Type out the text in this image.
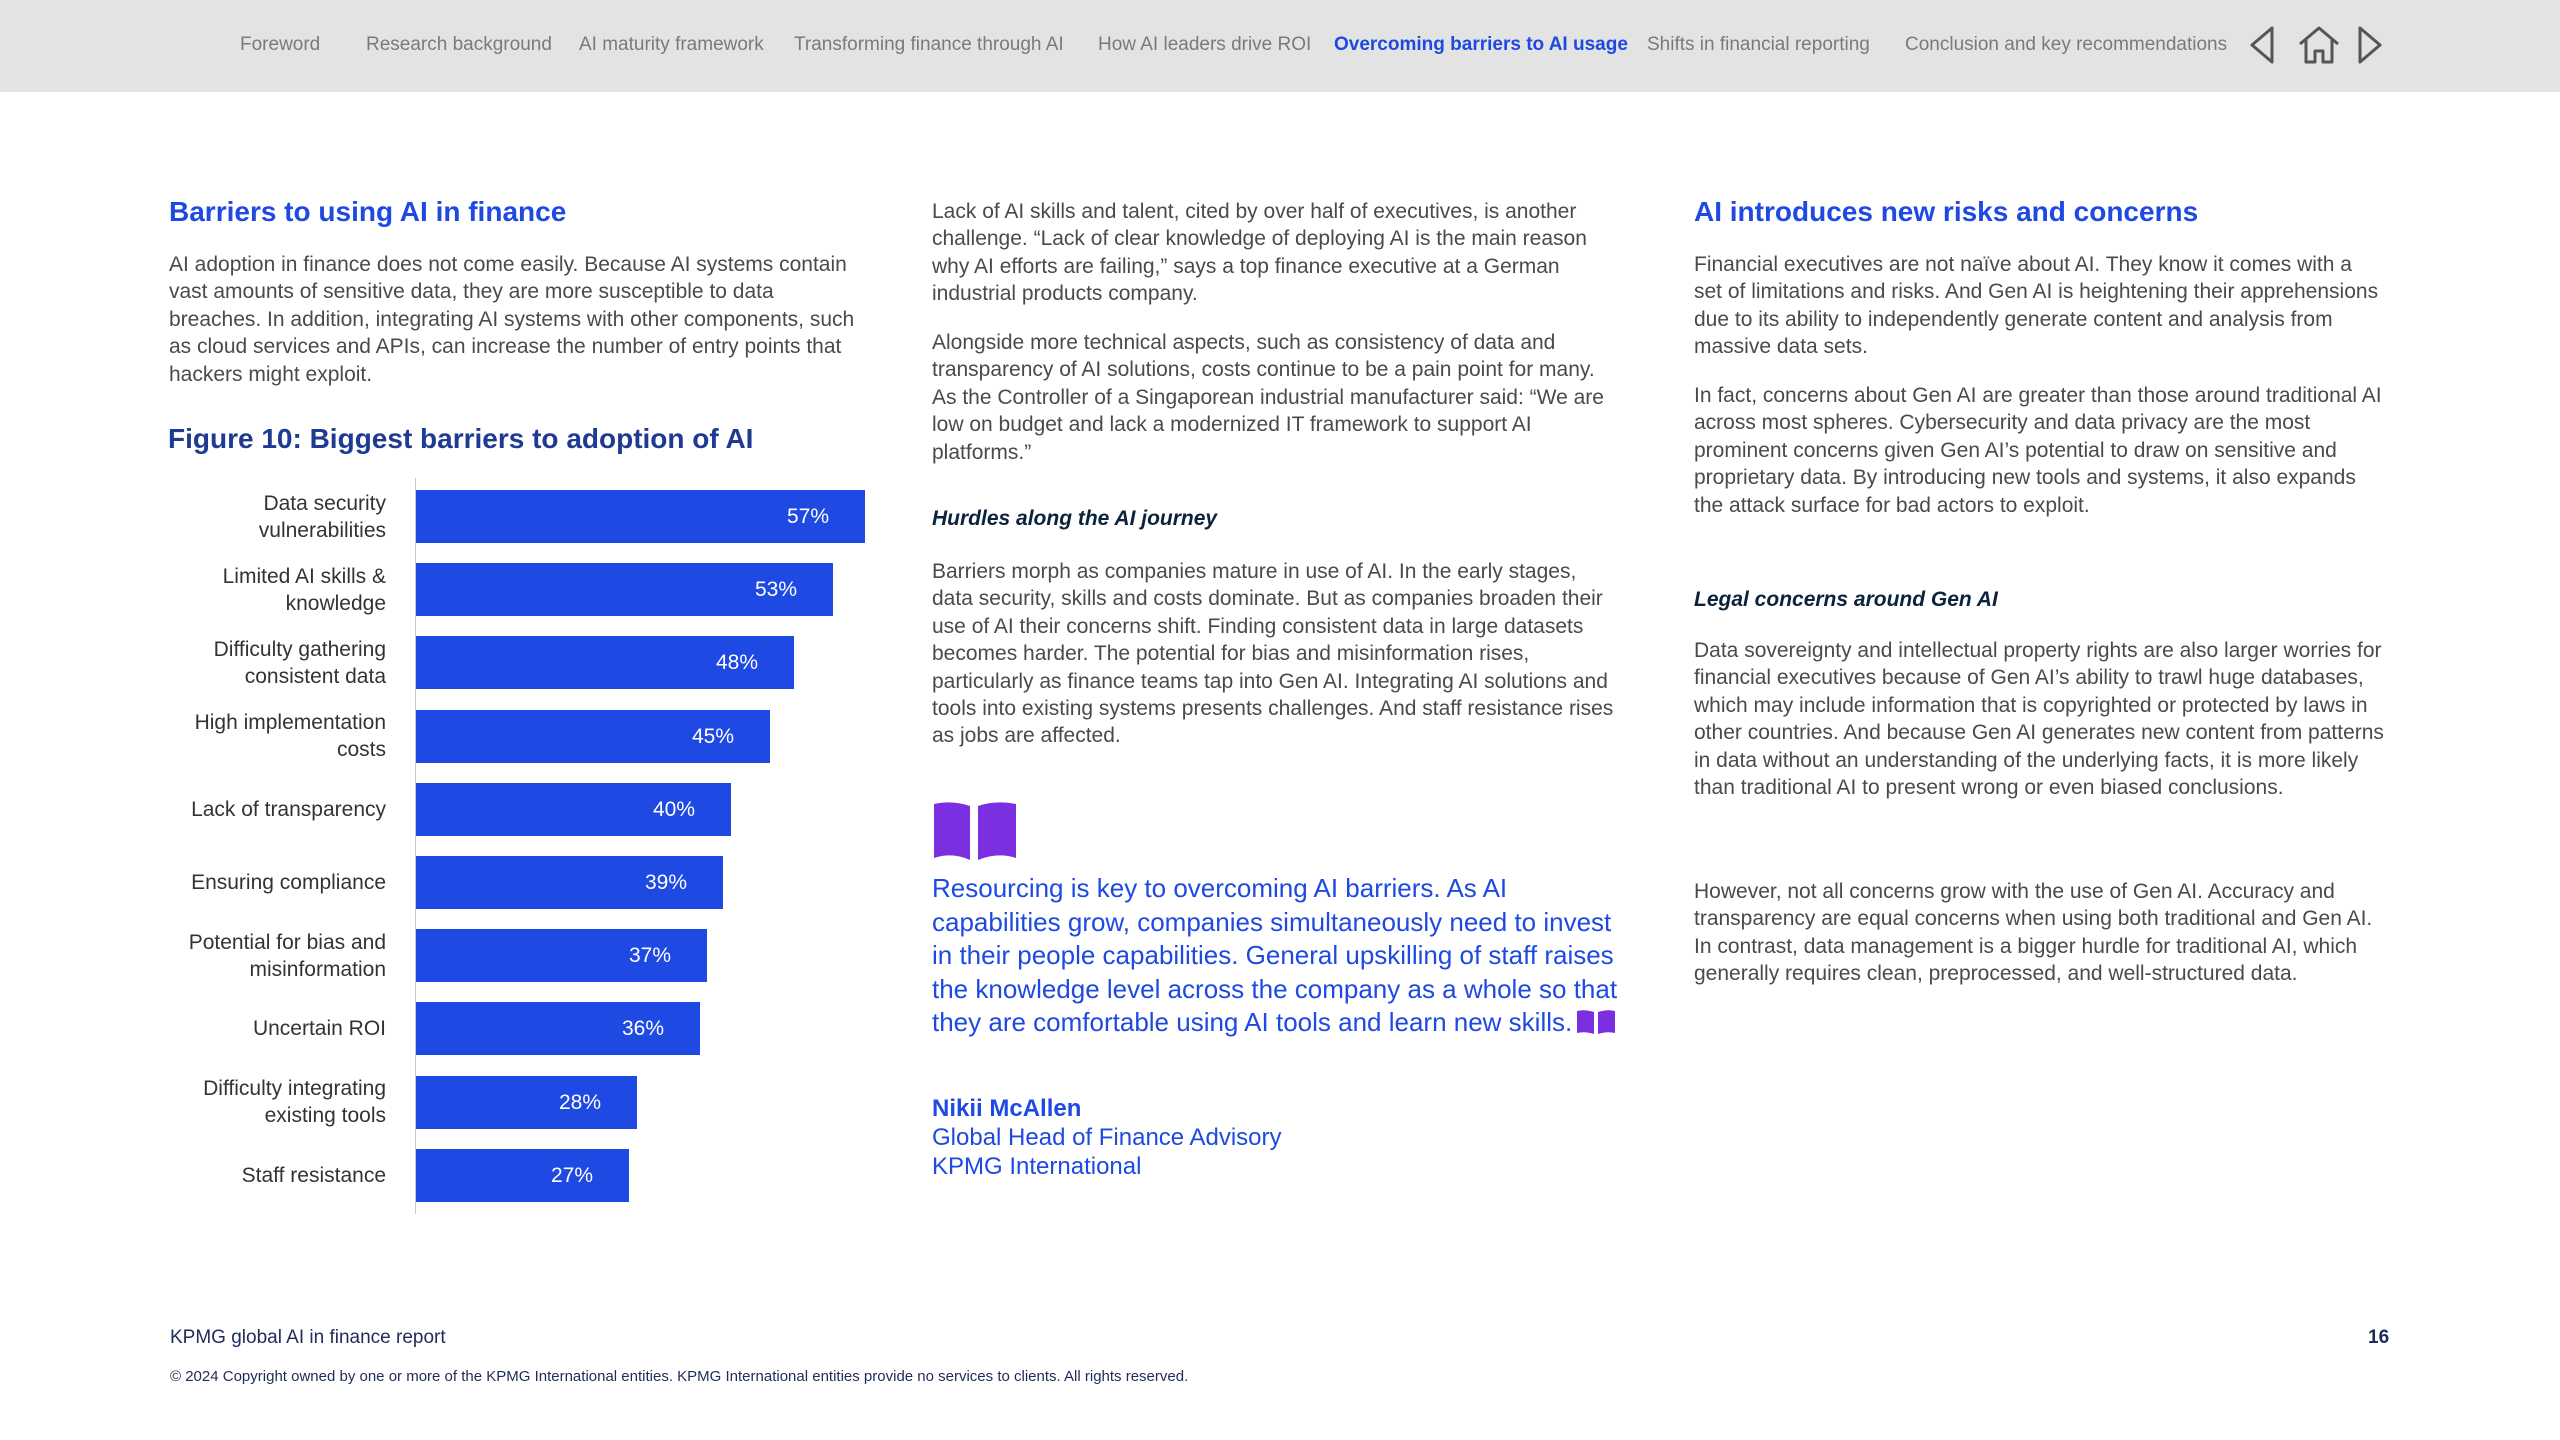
Foreword Research background AI maturity framework Transforming finance through AI How AI leaders drive ROI Overcoming barriers to AI usage Shifts in financial reporting Conclusion and key recommendations
Barriers to using AI in finance

AI adoption in finance does not come easily. Because AI systems contain vast amounts of sensitive data, they are more susceptible to data breaches. In addition, integrating AI systems with other components, such as cloud services and APIs, can increase the number of entry points that hackers might exploit.

Figure 10: Biggest barriers to adoption of AI
Data security vulnerabilities
57%
Limited AI skills & knowledge
53%
Difficulty gathering consistent data
48%
High implementation costs
45%
Lack of transparency	40%
Ensuring compliance	39%
Potential for bias and misinformation
37%
Uncertain ROI	36%
Difficulty integrating existing tools
28%
Staff resistance	27%

Lack of AI skills and talent, cited by over half of executives, is another challenge. “Lack of clear knowledge of deploying AI is the main reason why AI efforts are failing,” says a top finance executive at a German industrial products company.

Alongside more technical aspects, such as consistency of data and transparency of AI solutions, costs continue to be a pain point for many. As the Controller of a Singaporean industrial manufacturer said: “We are low on budget and lack a modernized IT framework to support AI platforms.”

Hurdles along the AI journey

Barriers morph as companies mature in use of AI. In the early stages, data security, skills and costs dominate. But as companies broaden their use of AI their concerns shift. Finding consistent data in large datasets becomes harder. The potential for bias and misinformation rises, particularly as finance teams tap into Gen AI. Integrating AI solutions and tools into existing systems presents challenges. And staff resistance rises as jobs are affected.

Resourcing is key to overcoming AI barriers. As AI capabilities grow, companies simultaneously need to invest in their people capabilities. General upskilling of staff raises the knowledge level across the company as a whole so that they are comfortable using AI tools and learn new skills.

Nikii McAllen

Global Head of Finance Advisory

KPMG International

AI introduces new risks and concerns

Financial executives are not naïve about AI. They know it comes with a set of limitations and risks. And Gen AI is heightening their apprehensions due to its ability to independently generate content and analysis from massive data sets.

In fact, concerns about Gen AI are greater than those around traditional AI across most spheres. Cybersecurity and data privacy are the most prominent concerns given Gen AI’s potential to draw on sensitive and proprietary data. By introducing new tools and systems, it also expands the attack surface for bad actors to exploit.

Legal concerns around Gen AI

Data sovereignty and intellectual property rights are also larger worries for financial executives because of Gen AI’s ability to trawl huge databases, which may include information that is copyrighted or protected by laws in other countries. And because Gen AI generates new content from patterns in data without an understanding of the underlying facts, it is more likely than traditional AI to present wrong or even biased conclusions.

However, not all concerns grow with the use of Gen AI. Accuracy and transparency are equal concerns when using both traditional and Gen AI. In contrast, data management is a bigger hurdle for traditional AI, which generally requires clean, preprocessed, and well-structured data.

KPMG global AI in finance report	16
© 2024 Copyright owned by one or more of the KPMG International entities. KPMG International entities provide no services to clients. All rights reserved.
